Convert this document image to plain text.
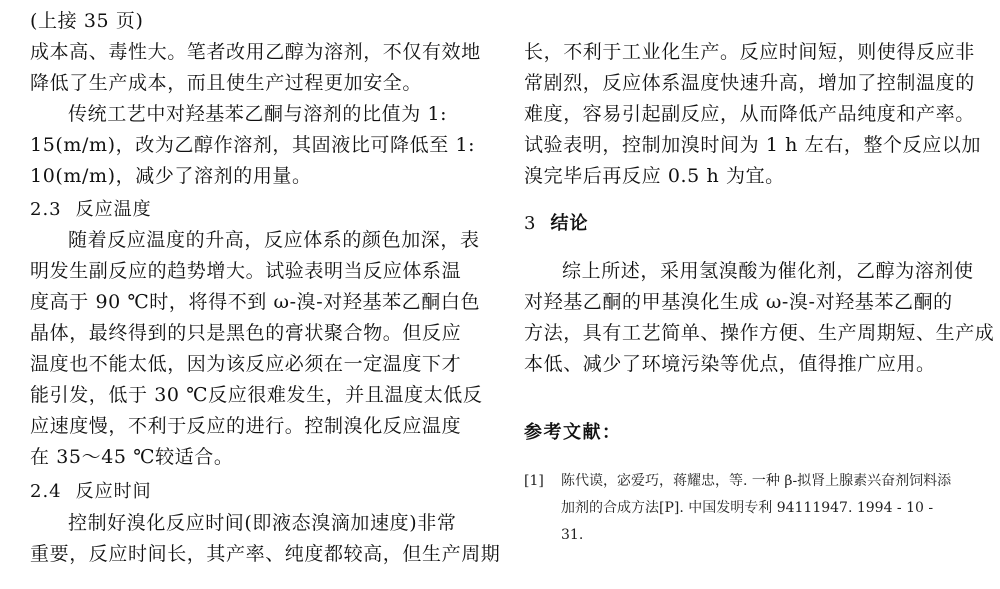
(上接 35 页)
成本高、毒性大。笔者改用乙醇为溶剂，不仅有效地
降低了生产成本，而且使生产过程更加安全。
传统工艺中对羟基苯乙酮与溶剂的比值为 1:
15(m/m)，改为乙醇作溶剂，其固液比可降低至 1:
10(m/m)，减少了溶剂的用量。
2.3 反应温度
随着反应温度的升高，反应体系的颜色加深，表
明发生副反应的趋势增大。试验表明当反应体系温
度高于 90 ℃时，将得不到 ω-溴-对羟基苯乙酮白色
晶体，最终得到的只是黑色的膏状聚合物。但反应
温度也不能太低，因为该反应必须在一定温度下才
能引发，低于 30 ℃反应很难发生，并且温度太低反
应速度慢，不利于反应的进行。控制溴化反应温度
在 35～45 ℃较适合。
2.4 反应时间
控制好溴化反应时间(即液态溴滴加速度)非常
重要，反应时间长，其产率、纯度都较高，但生产周期
长，不利于工业化生产。反应时间短，则使得反应非
常剧烈，反应体系温度快速升高，增加了控制温度的
难度，容易引起副反应，从而降低产品纯度和产率。
试验表明，控制加溴时间为 1 h 左右，整个反应以加
溴完毕后再反应 0.5 h 为宜。
3 结论
综上所述，采用氢溴酸为催化剂，乙醇为溶剂使
对羟基乙酮的甲基溴化生成 ω-溴-对羟基苯乙酮的
方法，具有工艺简单、操作方便、生产周期短、生产成
本低、减少了环境污染等优点，值得推广应用。
参考文献：
[1] 陈代谟，宓爱巧，蒋耀忠，等. 一种 β-拟肾上腺素兴奋剂饲料添
加剂的合成方法[P]. 中国发明专利 94111947. 1994 - 10 -
31.
